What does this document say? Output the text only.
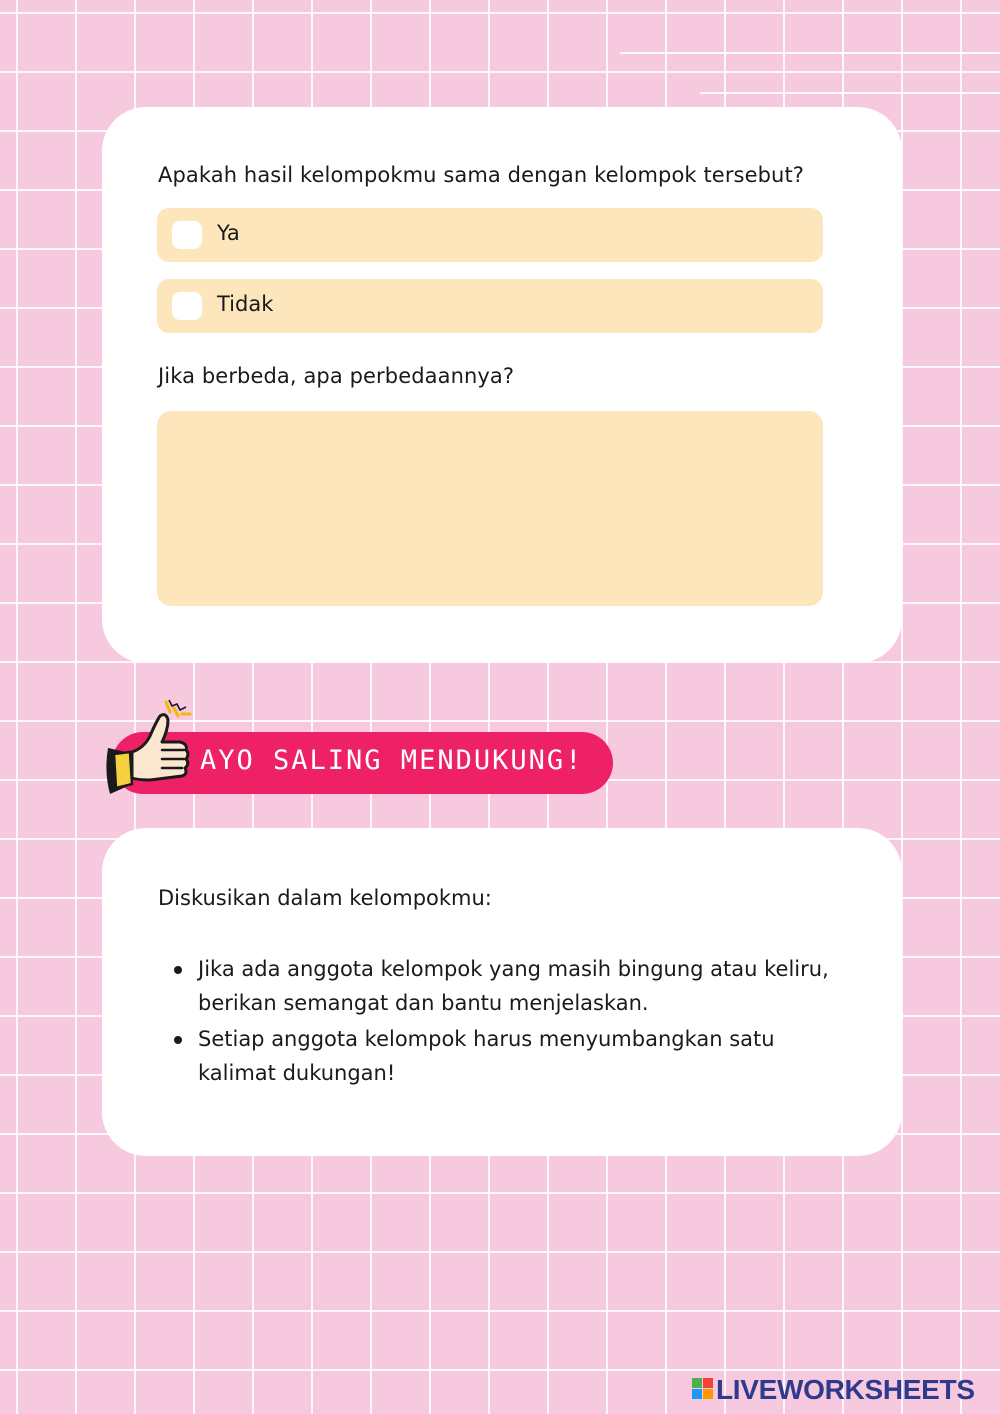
Apakah hasil kelompokmu sama dengan kelompok tersebut?
Ya
Tidak
Jika berbeda, apa perbedaannya?
AYO SALING MENDUKUNG!
Diskusikan dalam kelompokmu:
Jika ada anggota kelompok yang masih bingung atau keliru, berikan semangat dan bantu menjelaskan.
Setiap anggota kelompok harus menyumbangkan satu kalimat dukungan!
LIVEWORKSHEETS
